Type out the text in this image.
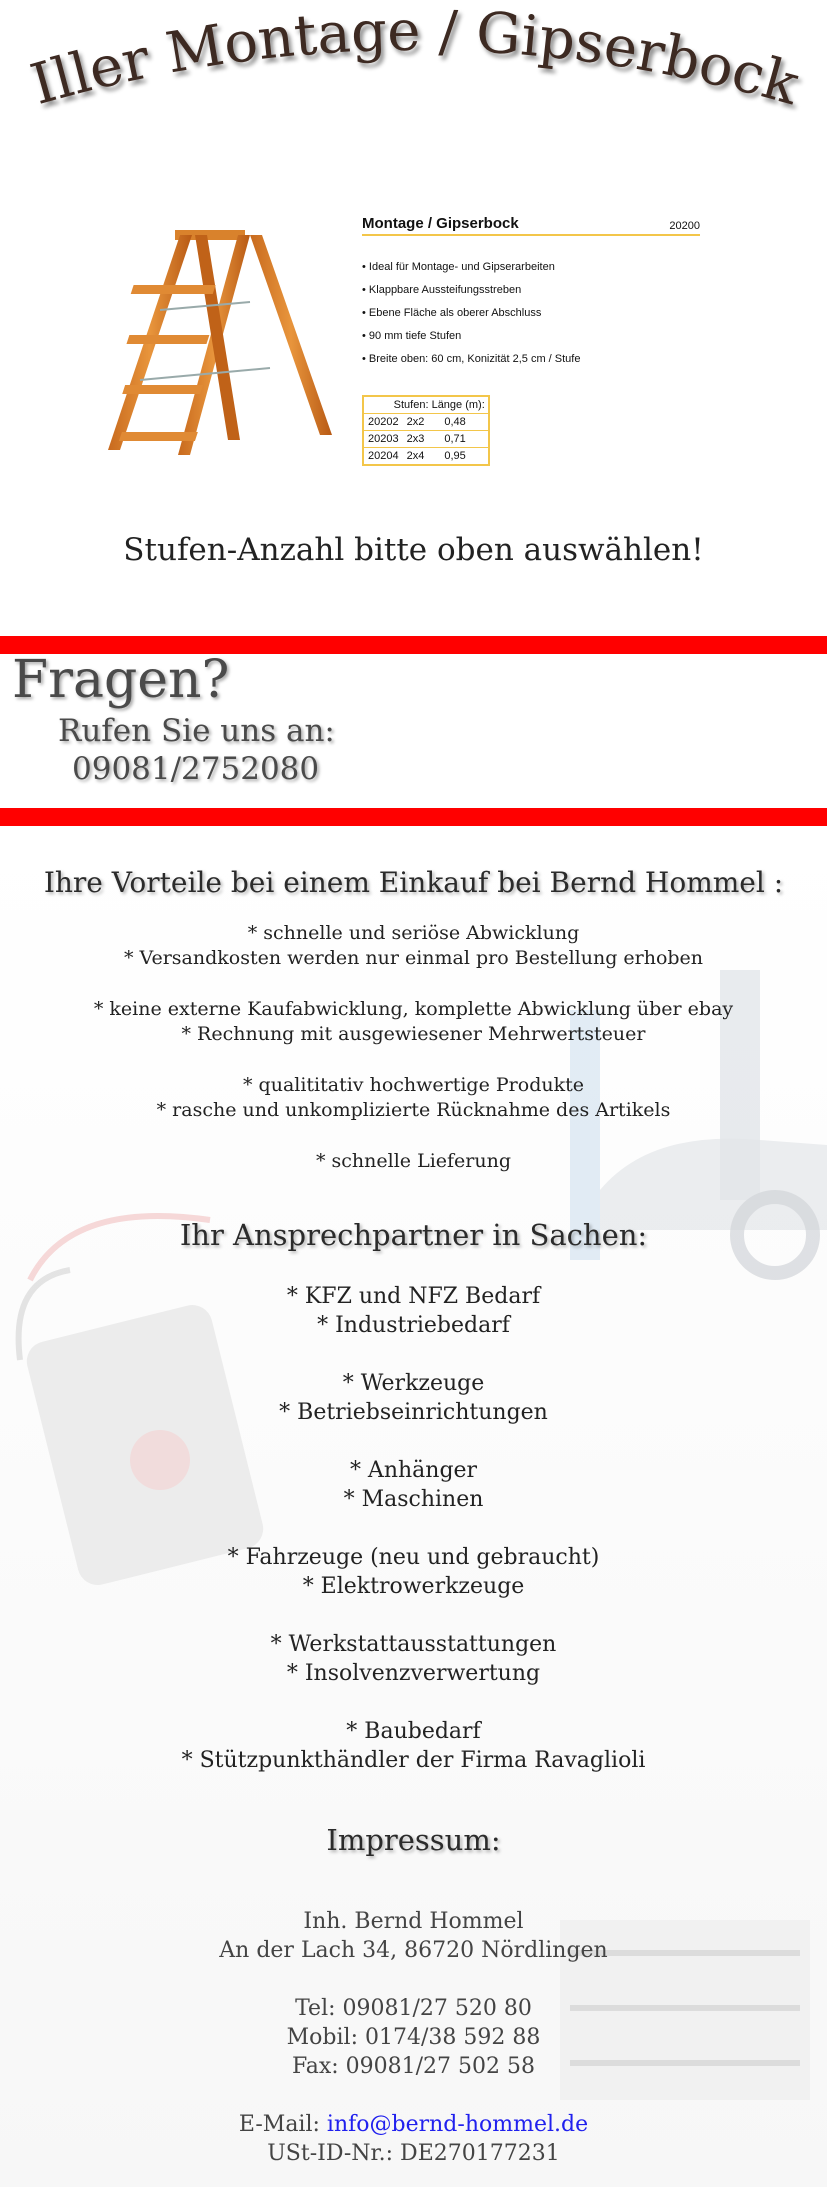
Iller Montage / Gipserbock
Montage / Gipserbock	20200
• Ideal für Montage- und Gipserarbeiten
• Klappbare Aussteifungsstreben
• Ebene Fläche als oberer Abschluss
• 90 mm tiefe Stufen
• Breite oben: 60 cm, Konizität 2,5 cm / Stufe
Stufen: Länge (m):		
20202	2x2	0,48
20203	2x3	0,71
20204	2x4	0,95
Stufen-Anzahl bitte oben auswählen!
Fragen?
Rufen Sie uns an:
09081/2752080
Ihre Vorteile bei einem Einkauf bei Bernd Hommel :
* schnelle und seriöse Abwicklung
* Versandkosten werden nur einmal pro Bestellung erhoben
* keine externe Kaufabwicklung, komplette Abwicklung über ebay
* Rechnung mit ausgewiesener Mehrwertsteuer
* qualititativ hochwertige Produkte
* rasche und unkomplizierte Rücknahme des Artikels
* schnelle Lieferung
Ihr Ansprechpartner in Sachen:
* KFZ und NFZ Bedarf
* Industriebedarf
* Werkzeuge
* Betriebseinrichtungen
* Anhänger
* Maschinen
* Fahrzeuge (neu und gebraucht)
* Elektrowerkzeuge
* Werkstattausstattungen
* Insolvenzverwertung
* Baubedarf
* Stützpunkthändler der Firma Ravaglioli
Impressum:
Inh. Bernd Hommel
An der Lach 34, 86720 Nördlingen
Tel: 09081/27 520 80
Mobil: 0174/38 592 88
Fax: 09081/27 502 58
E-Mail: info@bernd-hommel.de
USt-ID-Nr.: DE270177231
